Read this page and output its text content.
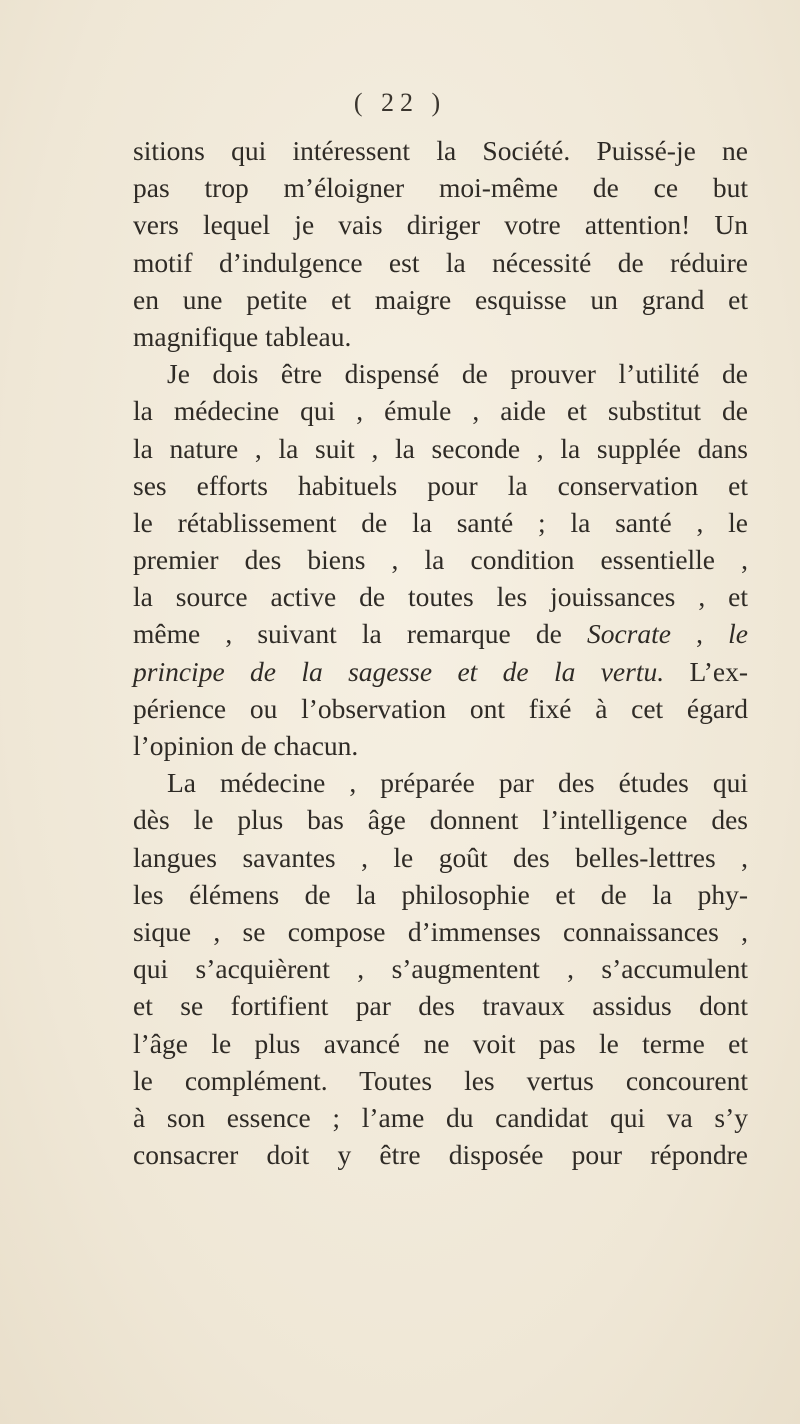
( 22 )
sitions qui intéressent la Société. Puissé-je ne
pas trop m’éloigner moi-même de ce but
vers lequel je vais diriger votre attention! Un
motif d’indulgence est la nécessité de réduire
en une petite et maigre esquisse un grand et
magnifique tableau.
Je dois être dispensé de prouver l’utilité de
la médecine qui , émule , aide et substitut de
la nature , la suit , la seconde , la supplée dans
ses efforts habituels pour la conservation et
le rétablissement de la santé ; la santé , le
premier des biens , la condition essentielle ,
la source active de toutes les jouissances , et
même , suivant la remarque de Socrate , le
principe de la sagesse et de la vertu. L’ex-
périence ou l’observation ont fixé à cet égard
l’opinion de chacun.
La médecine , préparée par des études qui
dès le plus bas âge donnent l’intelligence des
langues savantes , le goût des belles-lettres ,
les élémens de la philosophie et de la phy-
sique , se compose d’immenses connaissances ,
qui s’acquièrent , s’augmentent , s’accumulent
et se fortifient par des travaux assidus dont
l’âge le plus avancé ne voit pas le terme et
le complément. Toutes les vertus concourent
à son essence ; l’ame du candidat qui va s’y
consacrer doit y être disposée pour répondre
